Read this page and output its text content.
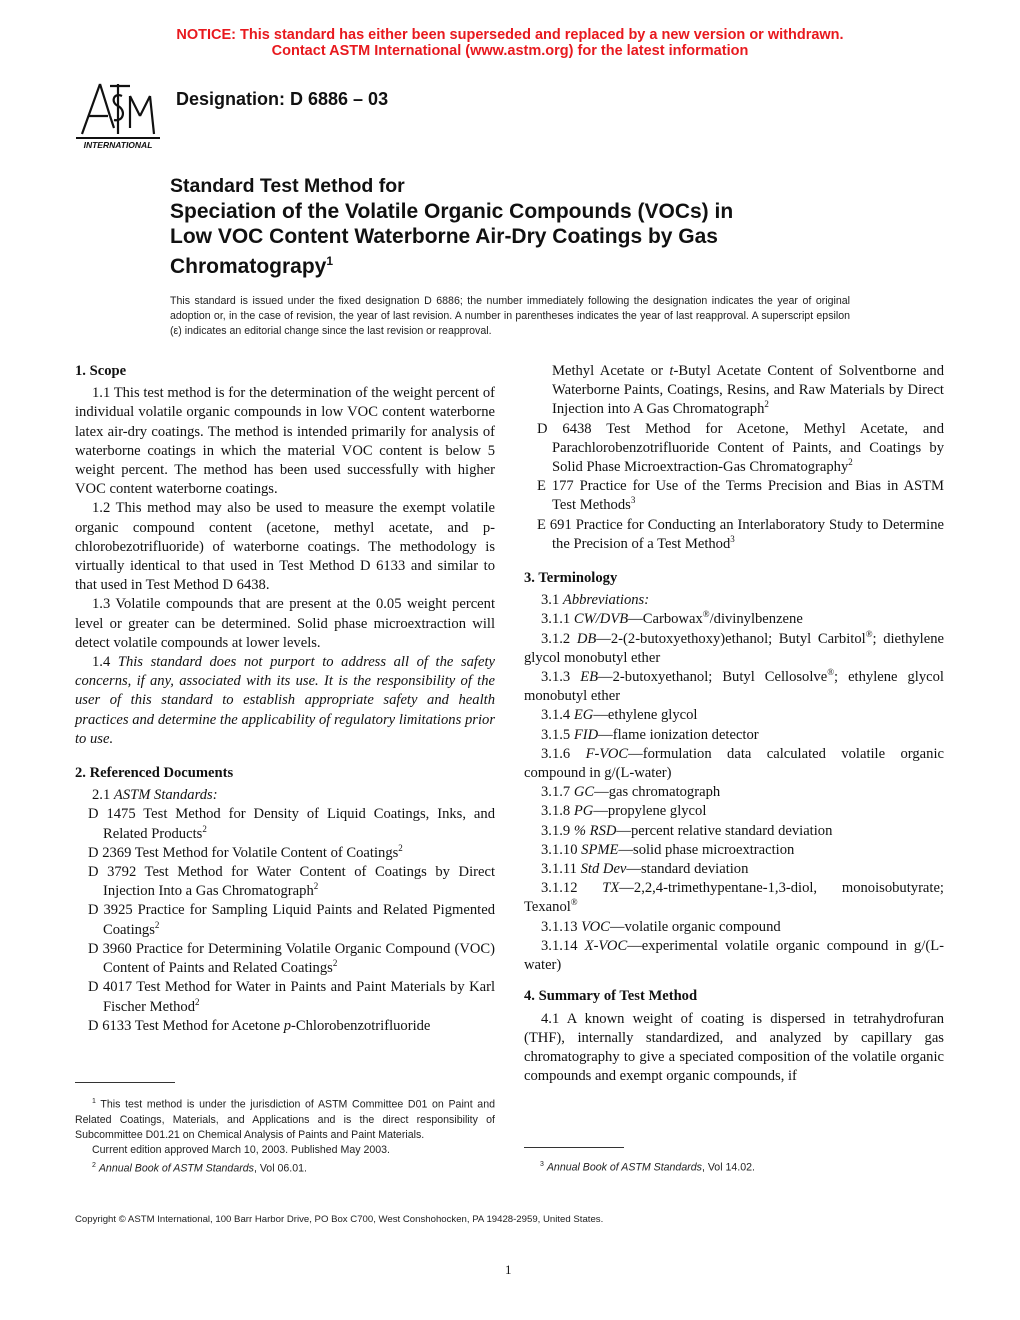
NOTICE: This standard has either been superseded and replaced by a new version or withdrawn.
Contact ASTM International (www.astm.org) for the latest information
INTERNATIONAL
Designation: D 6886 – 03
Standard Test Method for
Speciation of the Volatile Organic Compounds (VOCs) in
Low VOC Content Waterborne Air-Dry Coatings by Gas
Chromatograpy$^1$
This standard is issued under the fixed designation D 6886; the number immediately following the designation indicates the year of original adoption or, in the case of revision, the year of last revision. A number in parentheses indicates the year of last reapproval. A superscript epsilon (ε) indicates an editorial change since the last revision or reapproval.
1. Scope

1.1 This test method is for the determination of the weight percent of individual volatile organic compounds in low VOC content waterborne latex air-dry coatings. The method is intended primarily for analysis of waterborne coatings in which the material VOC content is below 5 weight percent. The method has been used successfully with higher VOC content waterborne coatings.

1.2 This method may also be used to measure the exempt volatile organic compound content (acetone, methyl acetate, and p-chlorobezotrifluoride) of waterborne coatings. The methodology is virtually identical to that used in Test Method D 6133 and similar to that used in Test Method D 6438.

1.3 Volatile compounds that are present at the 0.05 weight percent level or greater can be determined. Solid phase microextraction will detect volatile compounds at lower levels.

1.4 This standard does not purport to address all of the safety concerns, if any, associated with its use. It is the responsibility of the user of this standard to establish appropriate safety and health practices and determine the applicability of regulatory limitations prior to use.

2. Referenced Documents

2.1 ASTM Standards:

D 1475 Test Method for Density of Liquid Coatings, Inks, and Related Products$^2$

D 2369 Test Method for Volatile Content of Coatings$^2$

D 3792 Test Method for Water Content of Coatings by Direct Injection Into a Gas Chromatograph$^2$

D 3925 Practice for Sampling Liquid Paints and Related Pigmented Coatings$^2$

D 3960 Practice for Determining Volatile Organic Compound (VOC) Content of Paints and Related Coatings$^2$

D 4017 Test Method for Water in Paints and Paint Materials by Karl Fischer Method$^2$

D 6133 Test Method for Acetone p-Chlorobenzotrifluoride

Methyl Acetate or t-Butyl Acetate Content of Solventborne and Waterborne Paints, Coatings, Resins, and Raw Materials by Direct Injection into A Gas Chromatograph$^2$

D 6438 Test Method for Acetone, Methyl Acetate, and Parachlorobenzotrifluoride Content of Paints, and Coatings by Solid Phase Microextraction-Gas Chromatography$^2$

E 177 Practice for Use of the Terms Precision and Bias in ASTM Test Methods$^3$

E 691 Practice for Conducting an Interlaboratory Study to Determine the Precision of a Test Method$^3$

3. Terminology

3.1 Abbreviations:

3.1.1 CW/DVB—Carbowax®/divinylbenzene

3.1.2 DB—2-(2-butoxyethoxy)ethanol; Butyl Carbitol®; diethylene glycol monobutyl ether

3.1.3 EB—2-butoxyethanol; Butyl Cellosolve®; ethylene glycol monobutyl ether

3.1.4 EG—ethylene glycol

3.1.5 FID—flame ionization detector

3.1.6 F-VOC—formulation data calculated volatile organic compound in g/(L-water)

3.1.7 GC—gas chromatograph

3.1.8 PG—propylene glycol

3.1.9 % RSD—percent relative standard deviation

3.1.10 SPME—solid phase microextraction

3.1.11 Std Dev—standard deviation

3.1.12 TX—2,2,4-trimethypentane-1,3-diol, monoisobutyrate; Texanol®

3.1.13 VOC—volatile organic compound

3.1.14 X-VOC—experimental volatile organic compound in g/(L-water)

4. Summary of Test Method

4.1 A known weight of coating is dispersed in tetrahydrofuran (THF), internally standardized, and analyzed by capillary gas chromatography to give a speciated composition of the volatile organic compounds and exempt organic compounds, if

$^1$ This test method is under the jurisdiction of ASTM Committee D01 on Paint and Related Coatings, Materials, and Applications and is the direct responsibility of Subcommittee D01.21 on Chemical Analysis of Paints and Paint Materials.

Current edition approved March 10, 2003. Published May 2003.

$^2$ Annual Book of ASTM Standards, Vol 06.01.	$^3$ Annual Book of ASTM Standards, Vol 14.02.
Copyright © ASTM International, 100 Barr Harbor Drive, PO Box C700, West Conshohocken, PA 19428-2959, United States.
1
